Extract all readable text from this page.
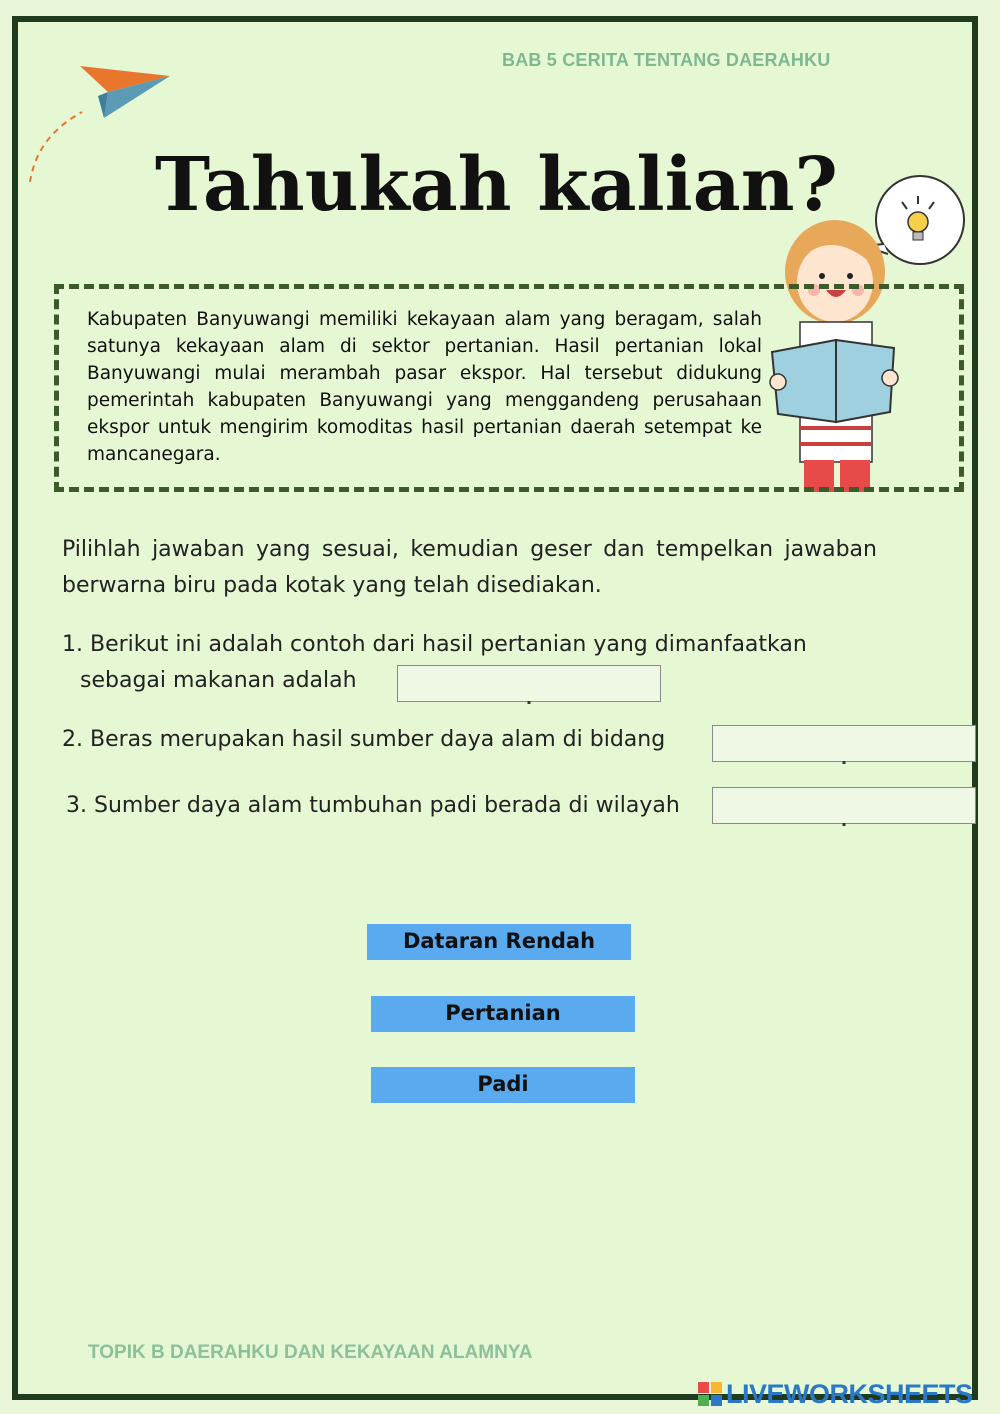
BAB 5 CERITA TENTANG DAERAHKU
Tahukah kalian?
Kabupaten Banyuwangi memiliki kekayaan alam yang beragam, salah satunya kekayaan alam di sektor pertanian. Hasil pertanian lokal Banyuwangi mulai merambah pasar ekspor. Hal tersebut didukung pemerintah kabupaten Banyuwangi yang menggandeng perusahaan ekspor untuk mengirim komoditas hasil pertanian daerah setempat ke mancanegara.
Pilihlah jawaban yang sesuai, kemudian geser dan tempelkan jawaban berwarna biru pada kotak yang telah disediakan.
1. Berikut ini adalah contoh dari hasil pertanian yang dimanfaatkan
sebagai makanan adalah
2. Beras merupakan hasil sumber daya alam di bidang
3. Sumber daya alam tumbuhan padi berada di wilayah
Dataran Rendah
Pertanian
Padi
TOPIK B DAERAHKU DAN KEKAYAAN ALAMNYA
LIVEWORKSHEETS
